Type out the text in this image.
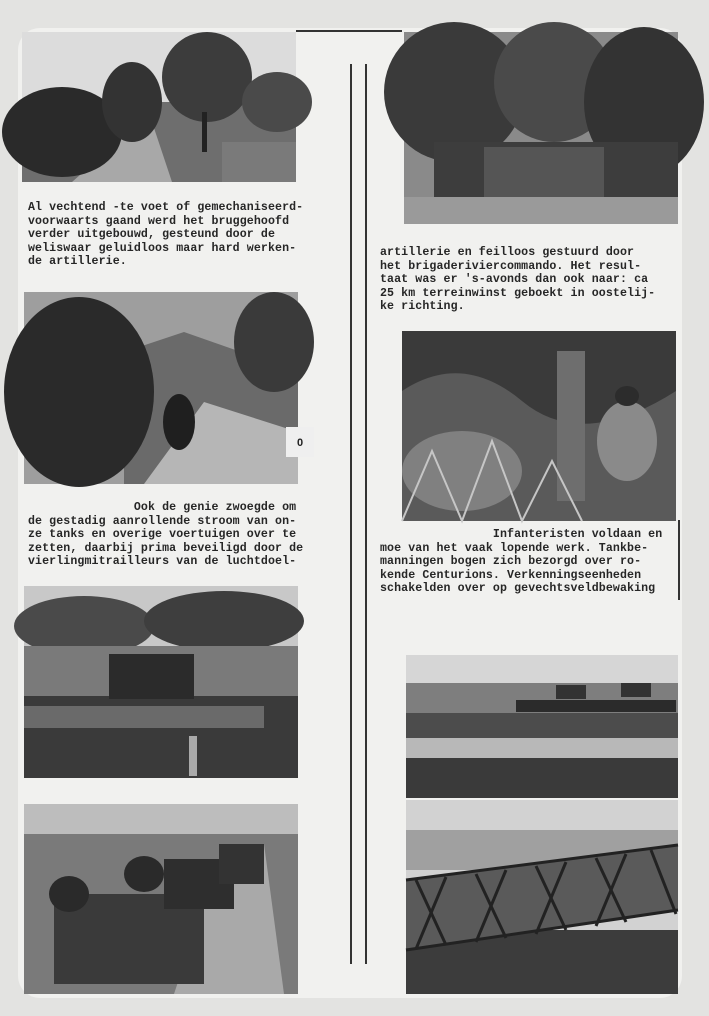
Al vechtend -te voet of gemechaniseerd-
voorwaarts gaand werd het bruggehoofd
verder uitgebouwd, gesteund door de
weliswaar geluidloos maar hard werken-
de artillerie.
artillerie en feilloos gestuurd door
het brigaderiviercommando. Het resul-
taat was er 's-avonds dan ook naar: ca
25 km terreinwinst geboekt in oostelij-
ke richting.
0
Ook de genie zwoegde om
de gestadig aanrollende stroom van on-
ze tanks en overige voertuigen over te
zetten, daarbij prima beveiligd door de
vierlingmitrailleurs van de luchtdoel-
Infanteristen voldaan en
moe van het vaak lopende werk. Tankbe-
manningen bogen zich bezorgd over ro-
kende Centurions. Verkenningseenheden
schakelden over op gevechtsveldbewaking
